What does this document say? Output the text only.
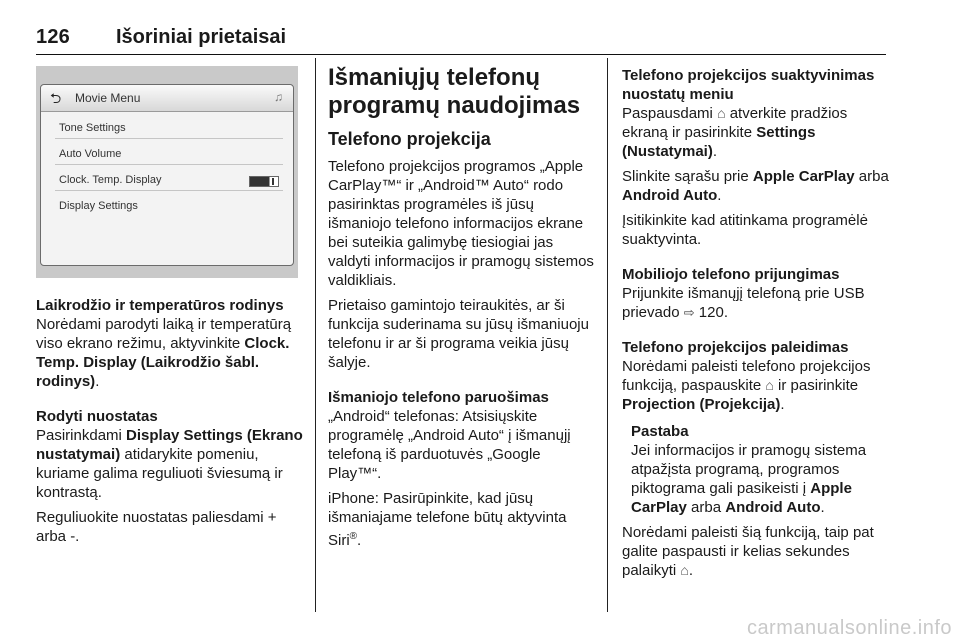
126 Išoriniai prietaisai
⮌ Movie Menu	♫
Tone Settings
Auto Volume
Clock. Temp. Display
Display Settings

Laikrodžio ir temperatūros rodinys

Norėdami parodyti laiką ir temperatūrą viso ekrano režimu, aktyvinkite Clock. Temp. Display (Laikrodžio šabl. rodinys).

Rodyti nuostatas

Pasirinkdami Display Settings (Ekrano nustatymai) atidarykite pomeniu, kuriame galima reguliuoti šviesumą ir kontrastą.

Reguliuokite nuostatas paliesdami + arba -.

Išmaniųjų telefonų programų naudojimas

Telefono projekcija

Telefono projekcijos programos „Apple CarPlay™“ ir „Android™ Auto“ rodo pasirinktas programėles iš jūsų išmaniojo telefono informacijos ekrane bei suteikia galimybę tiesiogiai jas valdyti informacijos ir pramogų sistemos valdikliais.

Prietaiso gamintojo teiraukitės, ar ši funkcija suderinama su jūsų išmaniuoju telefonu ir ar ši programa veikia jūsų šalyje.

Išmaniojo telefono paruošimas

„Android“ telefonas: Atsisiųskite programėlę „Android Auto“ į išmanųjį telefoną iš parduotuvės „Google Play™“.

iPhone: Pasirūpinkite, kad jūsų išmaniajame telefone būtų aktyvinta Siri®.

Telefono projekcijos suaktyvinimas nuostatų meniu

Paspausdami ⌂ atverkite pradžios ekraną ir pasirinkite Settings (Nustatymai).

Slinkite sąrašu prie Apple CarPlay arba Android Auto.

Įsitikinkite kad atitinkama programėlė suaktyvinta.

Mobiliojo telefono prijungimas

Prijunkite išmanųjį telefoną prie USB prievado ⇨ 120.

Telefono projekcijos paleidimas

Norėdami paleisti telefono projekcijos funkciją, paspauskite ⌂ ir pasirinkite Projection (Projekcija).

Pastaba

Jei informacijos ir pramogų sistema atpažįsta programą, programos piktograma gali pasikeisti į Apple CarPlay arba Android Auto.

Norėdami paleisti šią funkciją, taip pat galite paspausti ir kelias sekundes palaikyti ⌂.

carmanualsonline.info
